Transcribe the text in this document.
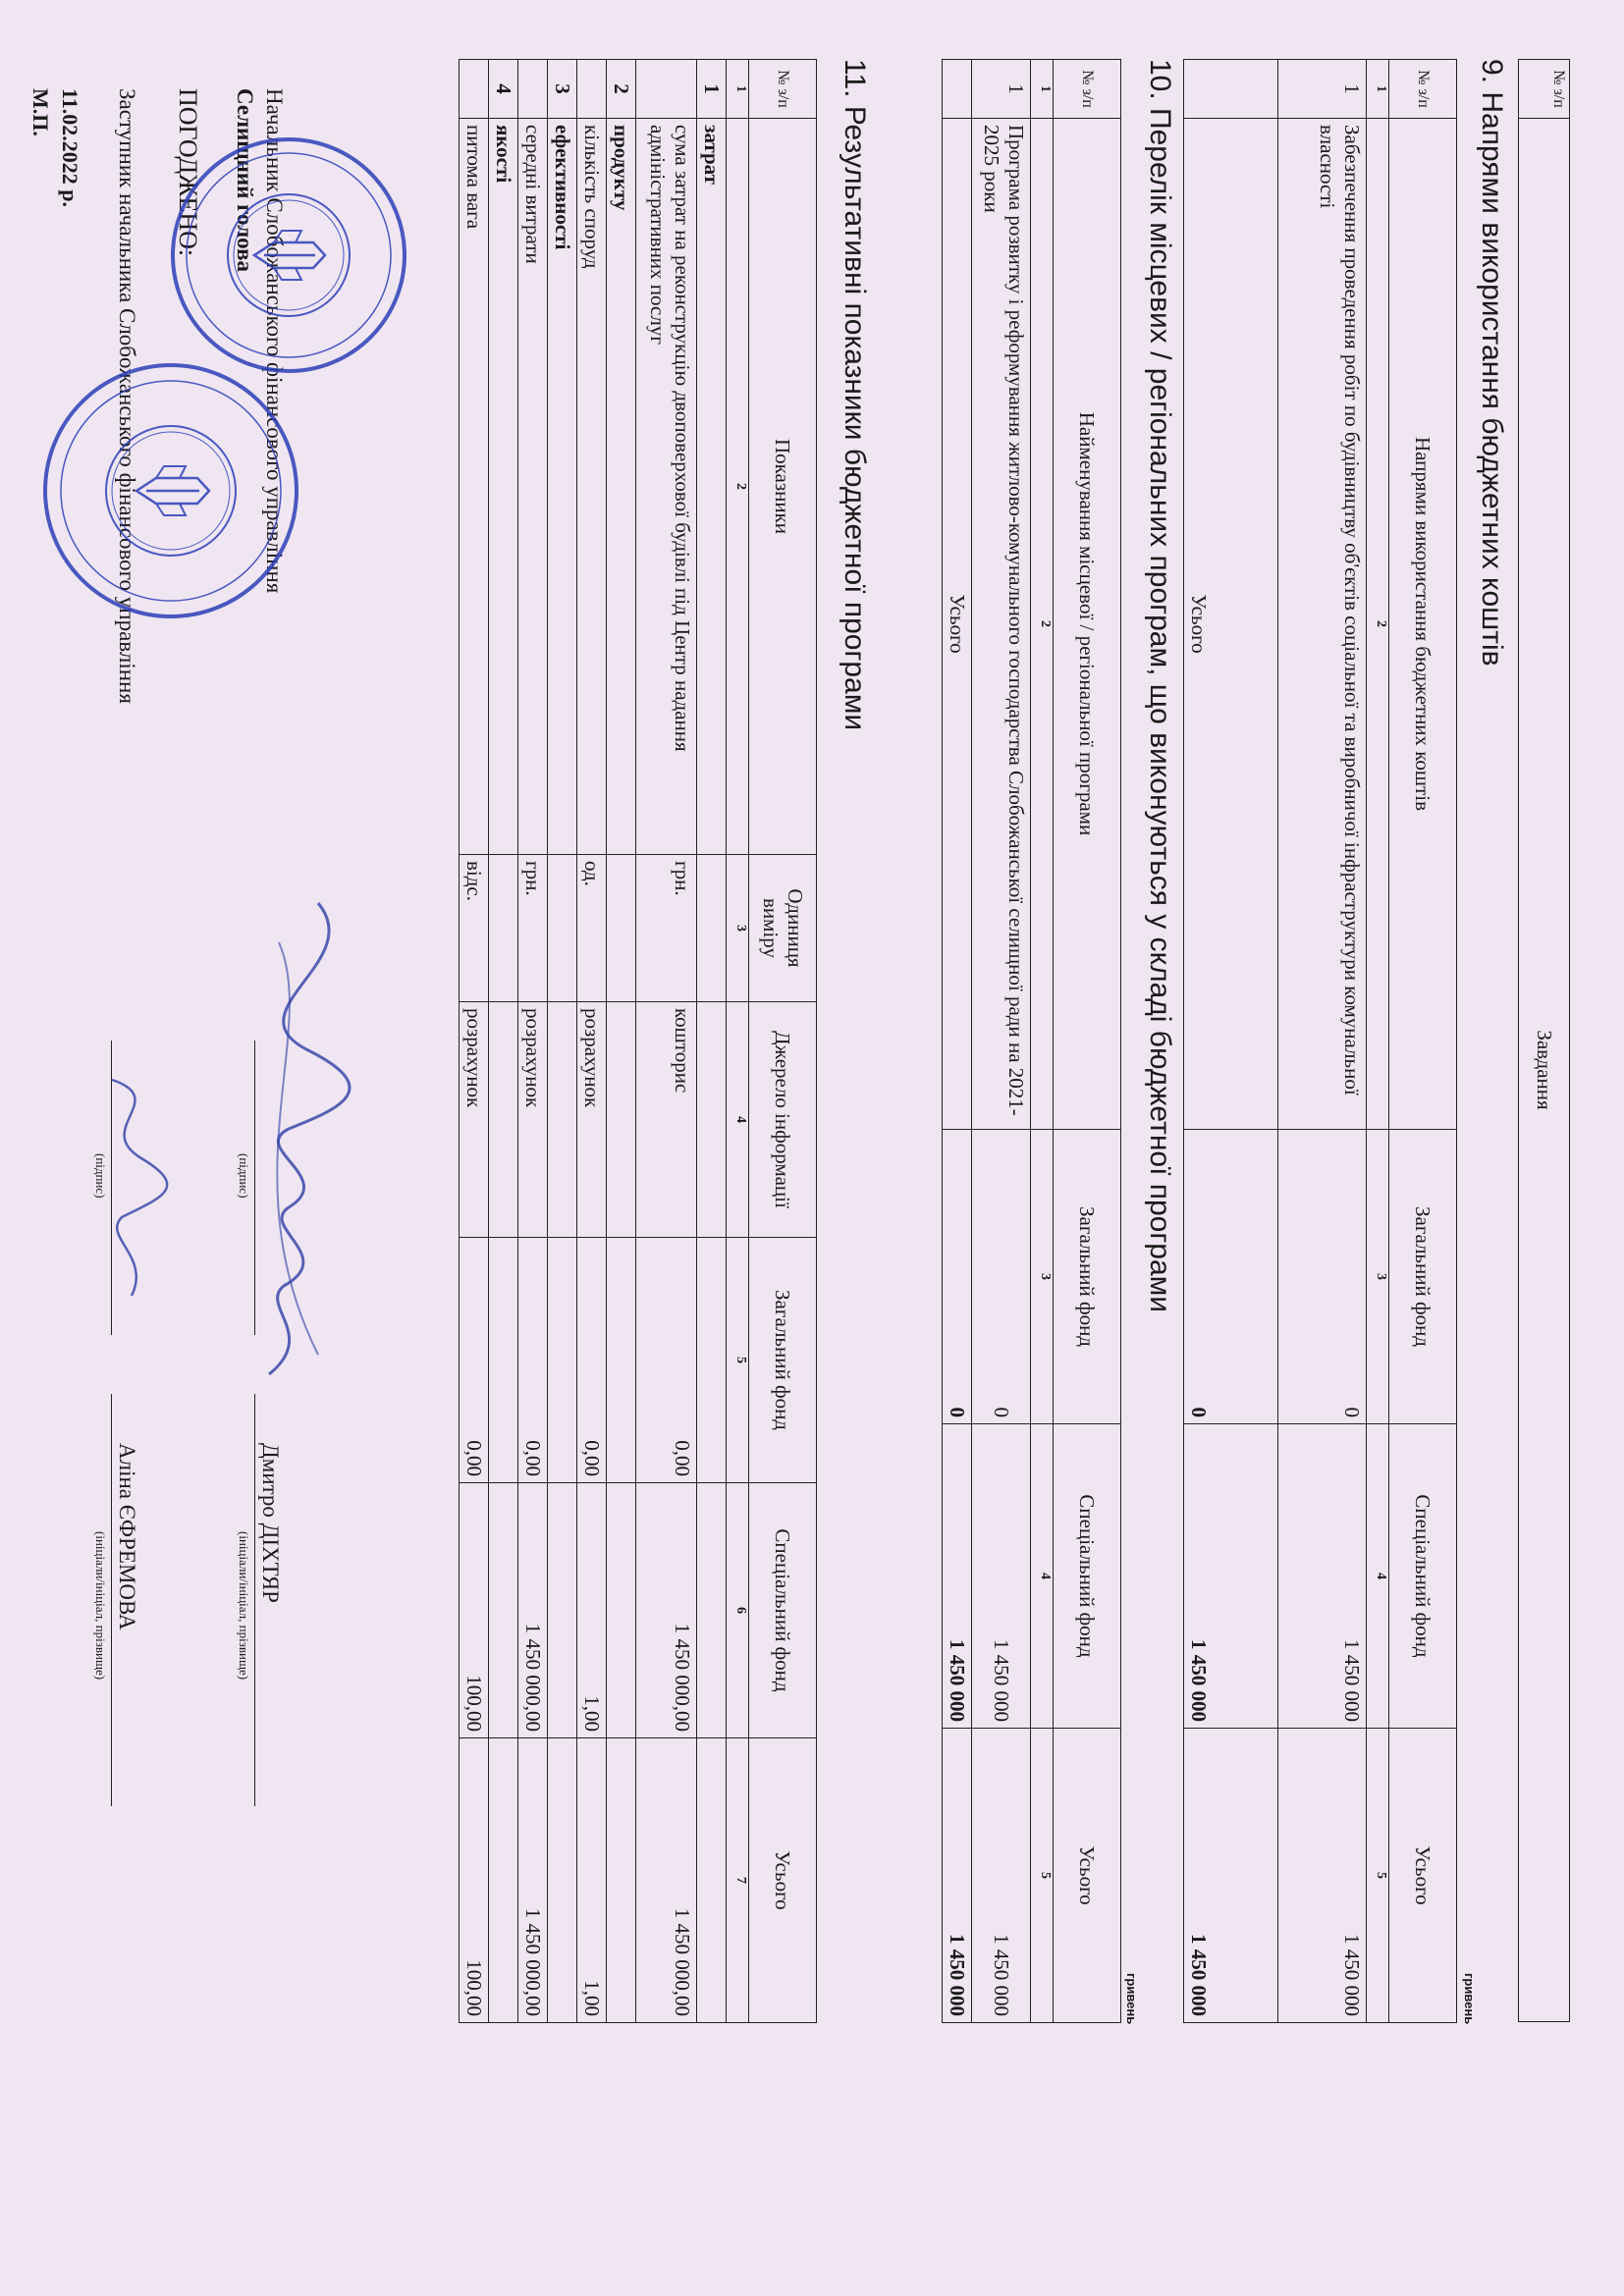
№ з/п	Завдання
9. Напрями використання бюджетних коштів
гривень
№ з/п	Напрями використання бюджетних коштів	Загальний фонд	Спеціальний фонд	Усього
1	2	3	4	5
1	Забезпечення проведення робіт по будівництву об'єктів соціальної та виробничої інфраструктури комунальної власності	0	1 450 000	1 450 000
	Усього	0	1 450 000	1 450 000
10. Перелік місцевих / регіональних програм, що виконуються у складі бюджетної програми
гривень
№ з/п	Найменування місцевої / регіональної програми	Загальний фонд	Спеціальний фонд	Усього
1	2	3	4	5
1	Програма розвитку і реформування житлово-комунального господарства Слобожанської селищної ради на 2021-2025 роки	0	1 450 000	1 450 000
	Усього	0	1 450 000	1 450 000
11. Результативні показники бюджетної програми
№ з/п	Показники	Одиниця виміру	Джерело інформації	Загальний фонд	Спеціальний фонд	Усього
1	2	3	4	5	6	7
1	затрат					
	сума затрат на реконструкцію двоповерхової будівлі під Центр надання адміністративних послуг	грн.	кошторис	0,00	1 450 000,00	1 450 000,00
2	продукту					
	кількість споруд	од.	розрахунок	0,00	1,00	1,00
3	ефективності					
	середні витрати	грн.	розрахунок	0,00	1 450 000,00	1 450 000,00
4	якості					
	питома вага	відс.	розрахунок	0,00	100,00	100,00
Начальник Слобожанського фінансового управління
Селищний голова
(підпис)
Дмитро ДІХТЯР
(ініціали/ініціал, прізвище)
ПОГОДЖЕНО:
Заступник начальника Слобожанського фінансового управління
(підпис)
Аліна ЄФРЕМОВА
(ініціали/ініціал, прізвище)
11.02.2022 р.
М.П.
